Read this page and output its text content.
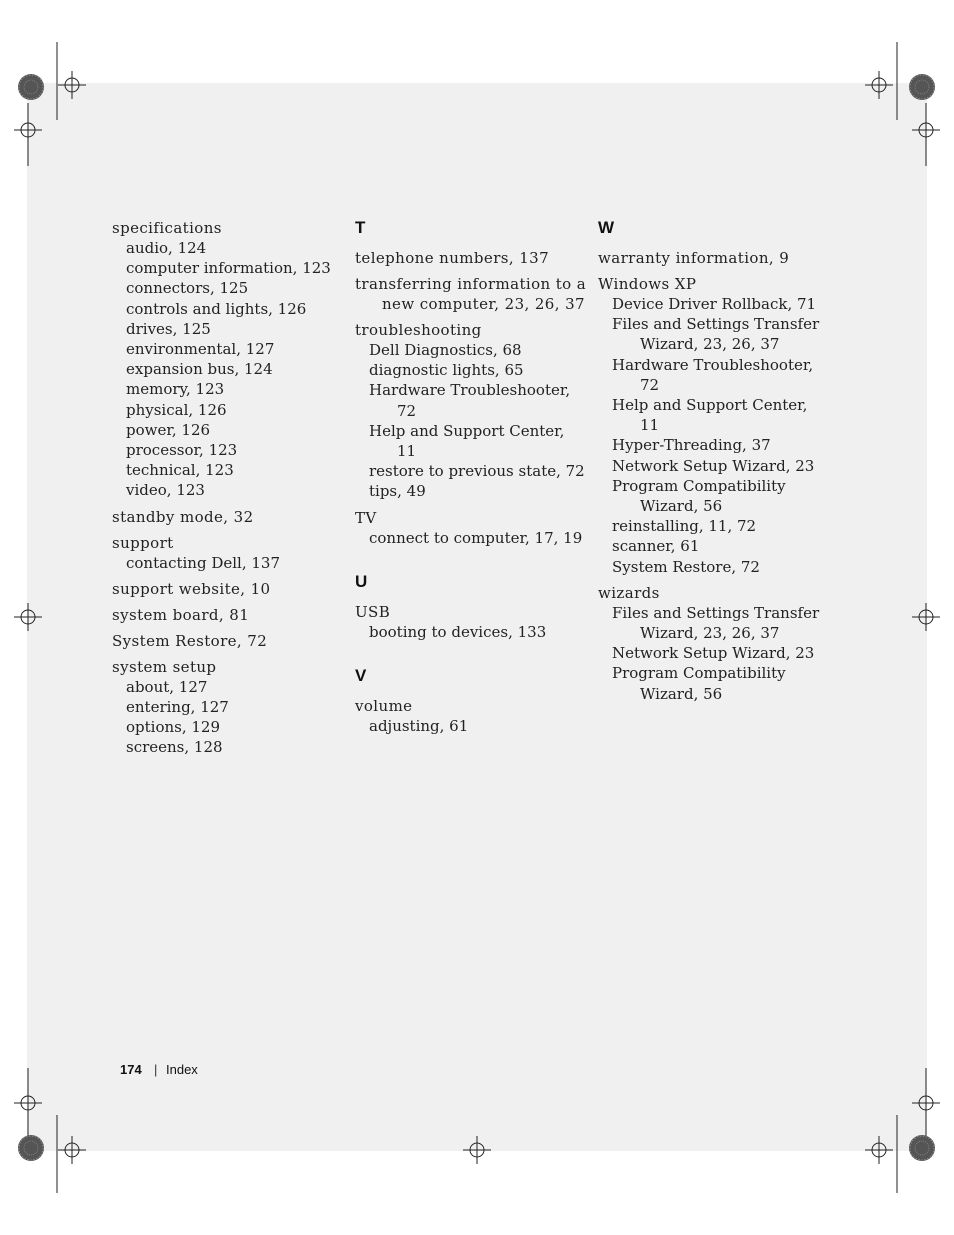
specifications
audio, 124
computer information, 123
connectors, 125
controls and lights, 126
drives, 125
environmental, 127
expansion bus, 124
memory, 123
physical, 126
power, 126
processor, 123
technical, 123
video, 123
standby mode, 32
support
contacting Dell, 137
support website, 10
system board, 81
System Restore, 72
system setup
about, 127
entering, 127
options, 129
screens, 128
T
telephone numbers, 137
transferring information to a new computer, 23, 26, 37
troubleshooting
Dell Diagnostics, 68
diagnostic lights, 65
Hardware Troubleshooter, 72
Help and Support Center, 11
restore to previous state, 72
tips, 49
TV
connect to computer, 17, 19
U
USB
booting to devices, 133
V
volume
adjusting, 61
W
warranty information, 9
Windows XP
Device Driver Rollback, 71
Files and Settings Transfer Wizard, 23, 26, 37
Hardware Troubleshooter, 72
Help and Support Center, 11
Hyper-Threading, 37
Network Setup Wizard, 23
Program Compatibility Wizard, 56
reinstalling, 11, 72
scanner, 61
System Restore, 72
wizards
Files and Settings Transfer Wizard, 23, 26, 37
Network Setup Wizard, 23
Program Compatibility Wizard, 56
174 | Index
